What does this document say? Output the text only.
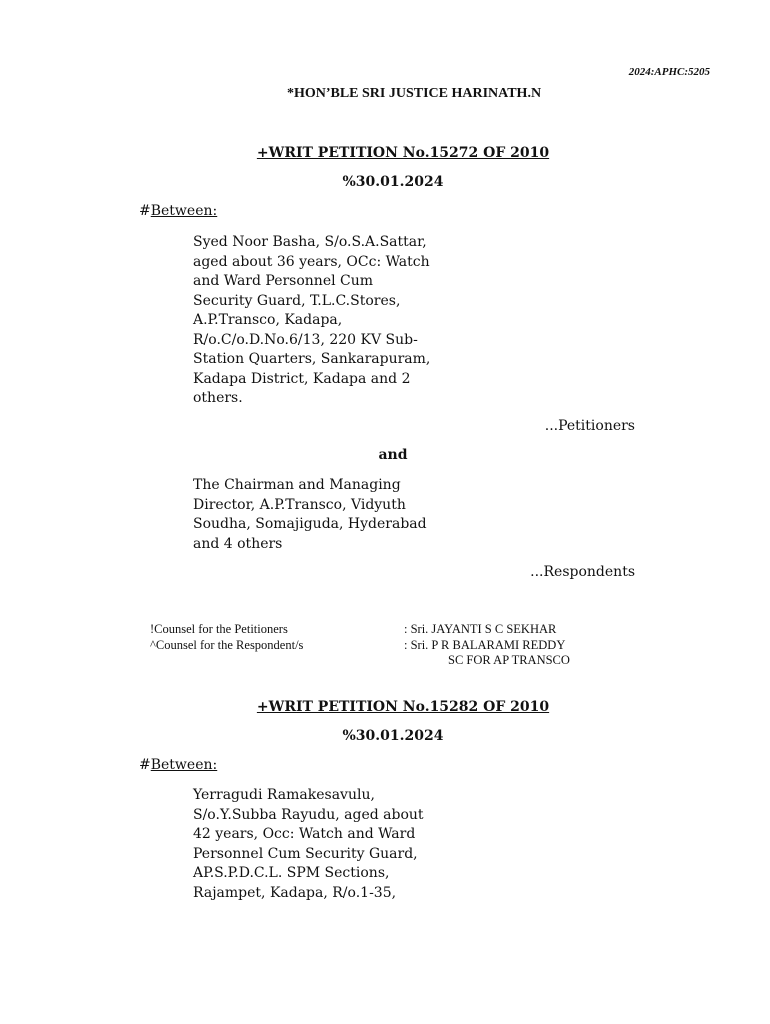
2024:APHC:5205
*HON’BLE SRI JUSTICE HARINATH.N
+WRIT PETITION No.15272 OF 2010
%30.01.2024
#Between:
Syed Noor Basha, S/o.S.A.Sattar,
aged about 36 years, OCc: Watch
and Ward Personnel Cum
Security Guard, T.L.C.Stores,
A.P.Transco, Kadapa,
R/o.C/o.D.No.6/13, 220 KV Sub-
Station Quarters, Sankarapuram,
Kadapa District, Kadapa and 2
others.
...Petitioners
and
The Chairman and Managing
Director, A.P.Transco, Vidyuth
Soudha, Somajiguda, Hyderabad
and 4 others
...Respondents
!Counsel for the Petitioners	: Sri. JAYANTI S C SEKHAR
^Counsel for the Respondent/s	: Sri. P R BALARAMI REDDY
SC FOR AP TRANSCO
+WRIT PETITION No.15282 OF 2010
%30.01.2024
#Between:
Yerragudi Ramakesavulu,
S/o.Y.Subba Rayudu, aged about
42 years, Occ: Watch and Ward
Personnel Cum Security Guard,
AP.S.P.D.C.L. SPM Sections,
Rajampet, Kadapa, R/o.1-35,
